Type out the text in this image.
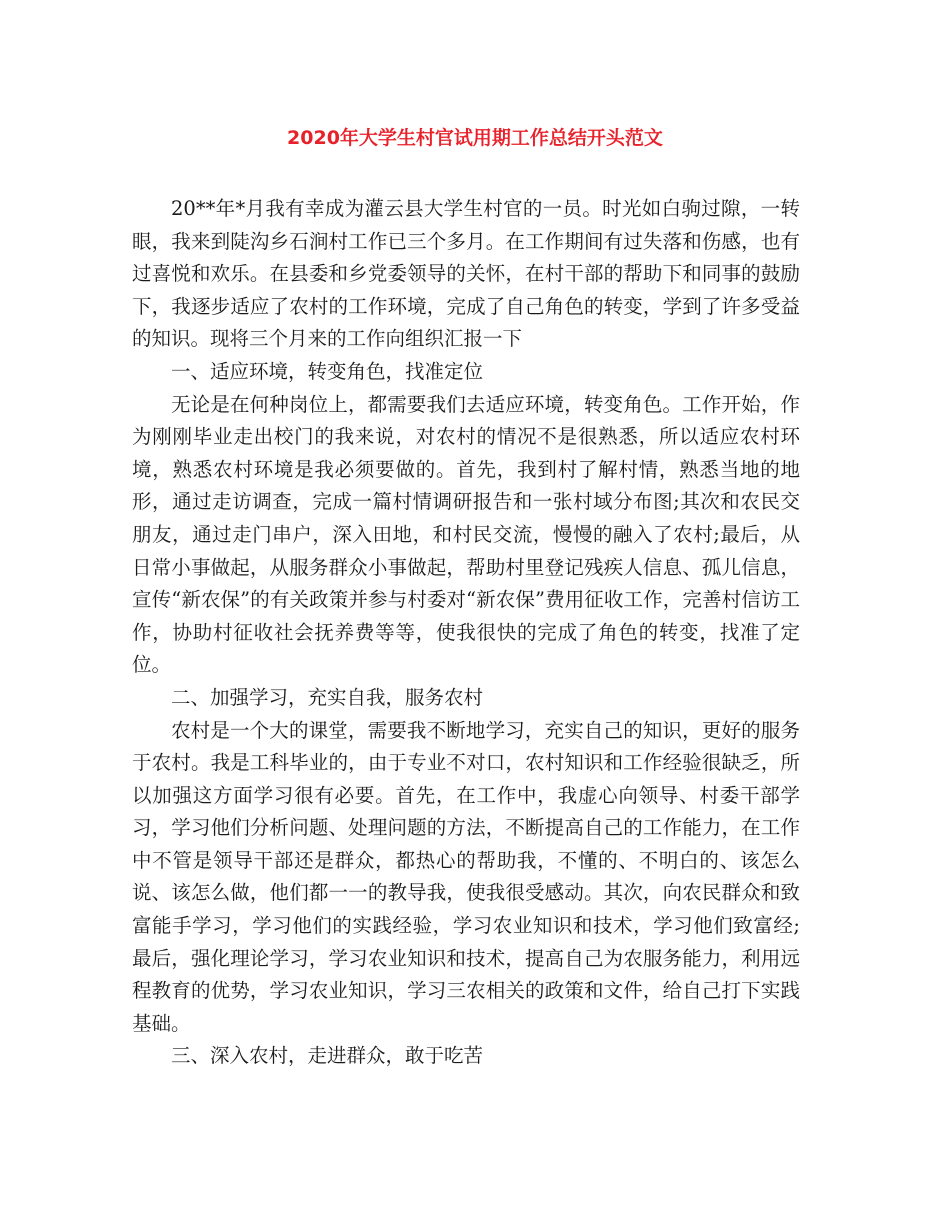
2020年大学生村官试用期工作总结开头范文

20**年*月我有幸成为灌云县大学生村官的一员。时光如白驹过隙，一转眼，我来到陡沟乡石涧村工作已三个多月。在工作期间有过失落和伤感，也有过喜悦和欢乐。在县委和乡党委领导的关怀，在村干部的帮助下和同事的鼓励下，我逐步适应了农村的工作环境，完成了自己角色的转变，学到了许多受益的知识。现将三个月来的工作向组织汇报一下

一、适应环境，转变角色，找准定位

无论是在何种岗位上，都需要我们去适应环境，转变角色。工作开始，作为刚刚毕业走出校门的我来说，对农村的情况不是很熟悉，所以适应农村环境，熟悉农村环境是我必须要做的。首先，我到村了解村情，熟悉当地的地形，通过走访调查，完成一篇村情调研报告和一张村域分布图;其次和农民交朋友，通过走门串户，深入田地，和村民交流，慢慢的融入了农村;最后，从日常小事做起，从服务群众小事做起，帮助村里登记残疾人信息、孤儿信息，宣传“新农保”的有关政策并参与村委对“新农保”费用征收工作，完善村信访工作，协助村征收社会抚养费等等，使我很快的完成了角色的转变，找准了定位。

二、加强学习，充实自我，服务农村

农村是一个大的课堂，需要我不断地学习，充实自己的知识，更好的服务于农村。我是工科毕业的，由于专业不对口，农村知识和工作经验很缺乏，所以加强这方面学习很有必要。首先，在工作中，我虚心向领导、村委干部学习，学习他们分析问题、处理问题的方法，不断提高自己的工作能力，在工作中不管是领导干部还是群众，都热心的帮助我，不懂的、不明白的、该怎么说、该怎么做，他们都一一的教导我，使我很受感动。其次，向农民群众和致富能手学习，学习他们的实践经验，学习农业知识和技术，学习他们致富经;最后，强化理论学习，学习农业知识和技术，提高自己为农服务能力，利用远程教育的优势，学习农业知识，学习三农相关的政策和文件，给自己打下实践基础。

三、深入农村，走进群众，敢于吃苦
